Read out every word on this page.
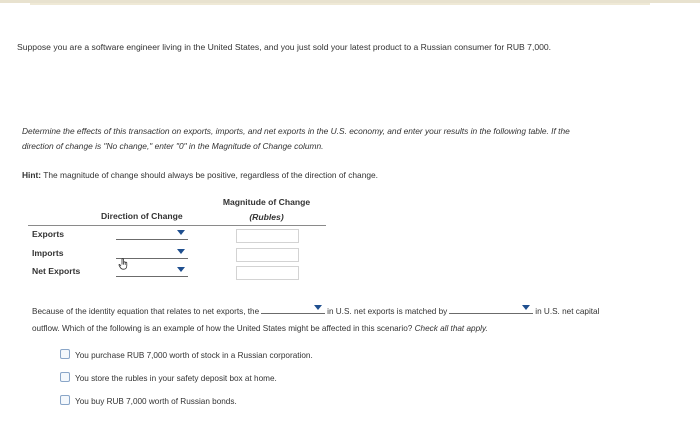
Suppose you are a software engineer living in the United States, and you just sold your latest product to a Russian consumer for RUB 7,000.
Determine the effects of this transaction on exports, imports, and net exports in the U.S. economy, and enter your results in the following table. If the
direction of change is "No change," enter "0" in the Magnitude of Change column.
Hint: The magnitude of change should always be positive, regardless of the direction of change.
Direction of Change
Magnitude of Change
(Rubles)
Exports
Imports
Net Exports
Because of the identity equation that relates to net exports, the	in U.S. net exports is matched by	in U.S. net capital
outflow. Which of the following is an example of how the United States might be affected in this scenario? Check all that apply.
You purchase RUB 7,000 worth of stock in a Russian corporation.
You store the rubles in your safety deposit box at home.
You buy RUB 7,000 worth of Russian bonds.
